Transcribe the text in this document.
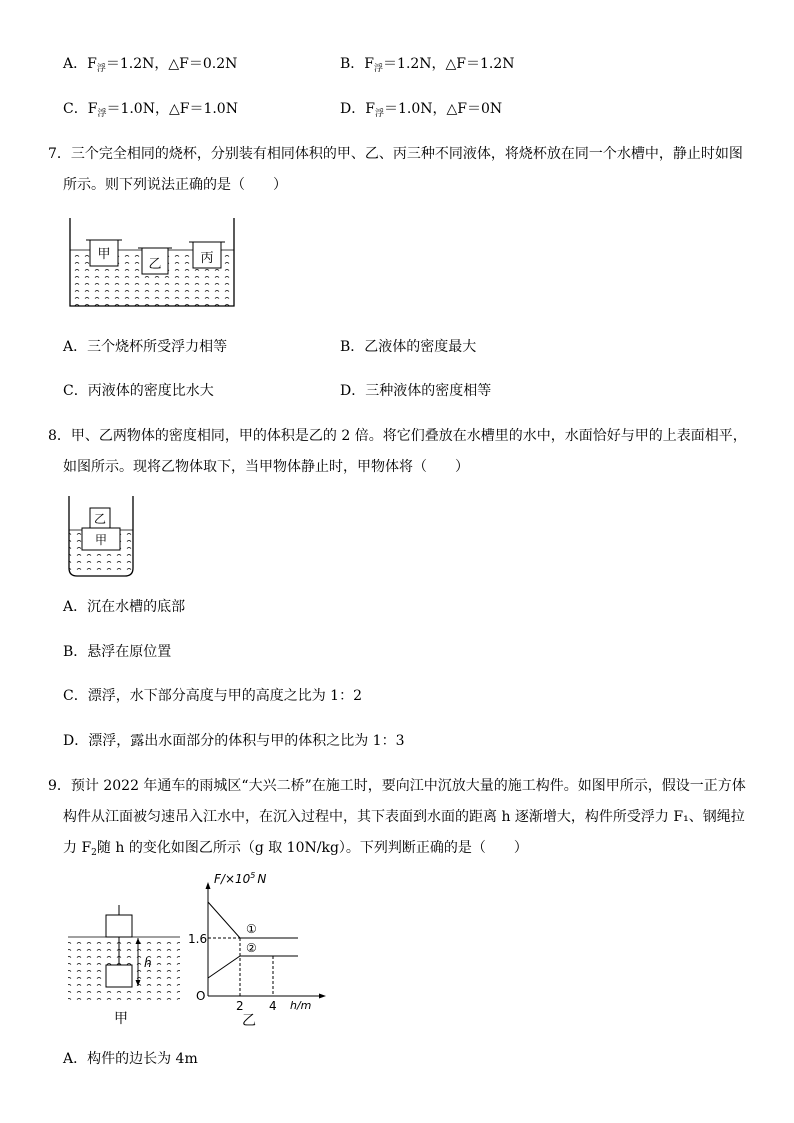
A．$F_浮=1.2N$，△F＝0.2N	B．$F_浮=1.2N$，△F＝1.2N
C．$F_浮=1.0N$，△F＝1.0N	D．$F_浮=1.0N$，△F＝0N
7．三个完全相同的烧杯，分别装有相同体积的甲、乙、丙三种不同液体，将烧杯放在同一个水槽中，静止时如图
所示。则下列说法正确的是（　　）
甲
乙	丙
A．三个烧杯所受浮力相等	B．乙液体的密度最大
C．丙液体的密度比水大	D．三种液体的密度相等
8．甲、乙两物体的密度相同，甲的体积是乙的 2 倍。将它们叠放在水槽里的水中，水面恰好与甲的上表面相平，
如图所示。现将乙物体取下，当甲物体静止时，甲物体将（　　）
乙
甲
A．沉在水槽的底部
B．悬浮在原位置
C．漂浮，水下部分高度与甲的高度之比为 1：2
D．漂浮，露出水面部分的体积与甲的体积之比为 1：3
9．预计 2022 年通车的雨城区“大兴二桥”在施工时，要向江中沉放大量的施工构件。如图甲所示，假设一正方体
构件从江面被匀速吊入江水中，在沉入过程中，其下表面到水面的距离 h 逐渐增大，构件所受浮力 F₁、钢绳拉
力 $F_2$随 h 的变化如图乙所示（g 取 10N/kg）。下列判断正确的是（　　）
h
甲
$F/\times 10^5$ N
1.6
O
2 4 h/m
①
②
乙
A．构件的边长为 4m
